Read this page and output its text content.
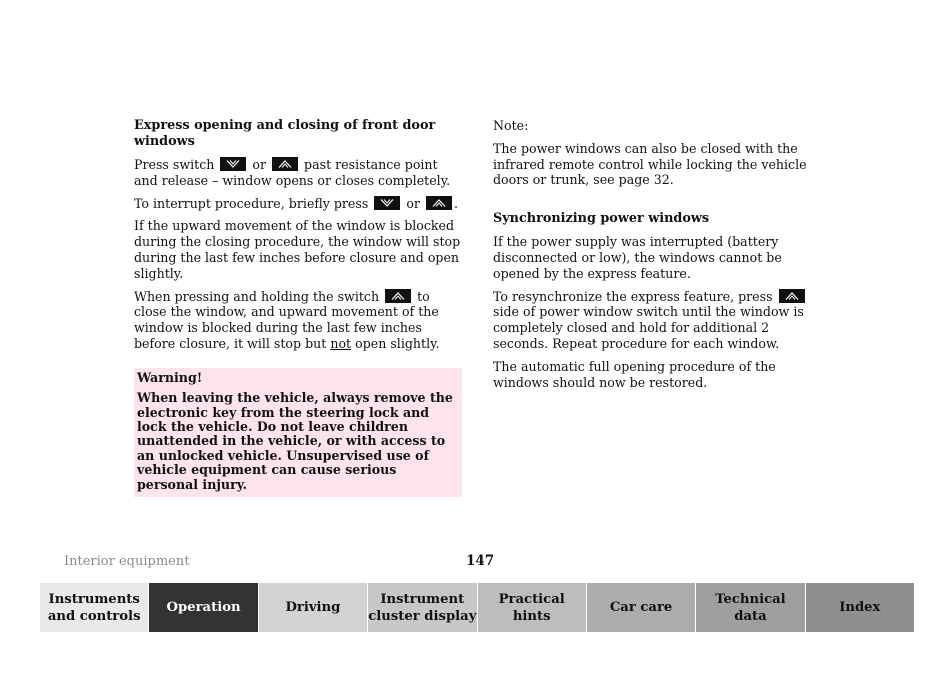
Express opening and closing of front door windows

Press switch	or	past resistance point and release – window opens or closes completely.

To interrupt procedure, briefly press	or	.

If the upward movement of the window is blocked during the closing procedure, the window will stop during the last few inches before closure and open slightly.

When pressing and holding the switch	to close the window, and upward movement of the window is blocked during the last few inches before closure, it will stop but not open slightly.

Warning!

When leaving the vehicle, always remove the electronic key from the steering lock and lock the vehicle. Do not leave children unattended in the vehicle, or with access to an unlocked vehicle. Unsupervised use of vehicle equipment can cause serious personal injury.

Note:

The power windows can also be closed with the infrared remote control while locking the vehicle doors or trunk, see page 32.

Synchronizing power windows

If the power supply was interrupted (battery disconnected or low), the windows cannot be opened by the express feature.

To resynchronize the express feature, press
side of power window switch until the window is completely closed and hold for additional 2 seconds. Repeat procedure for each window.

The automatic full opening procedure of the windows should now be restored.

Interior equipment	147
Instruments
and controls
Operation	Driving
Instrument
cluster display
Practical hints
Car care
Technical
data
Index
